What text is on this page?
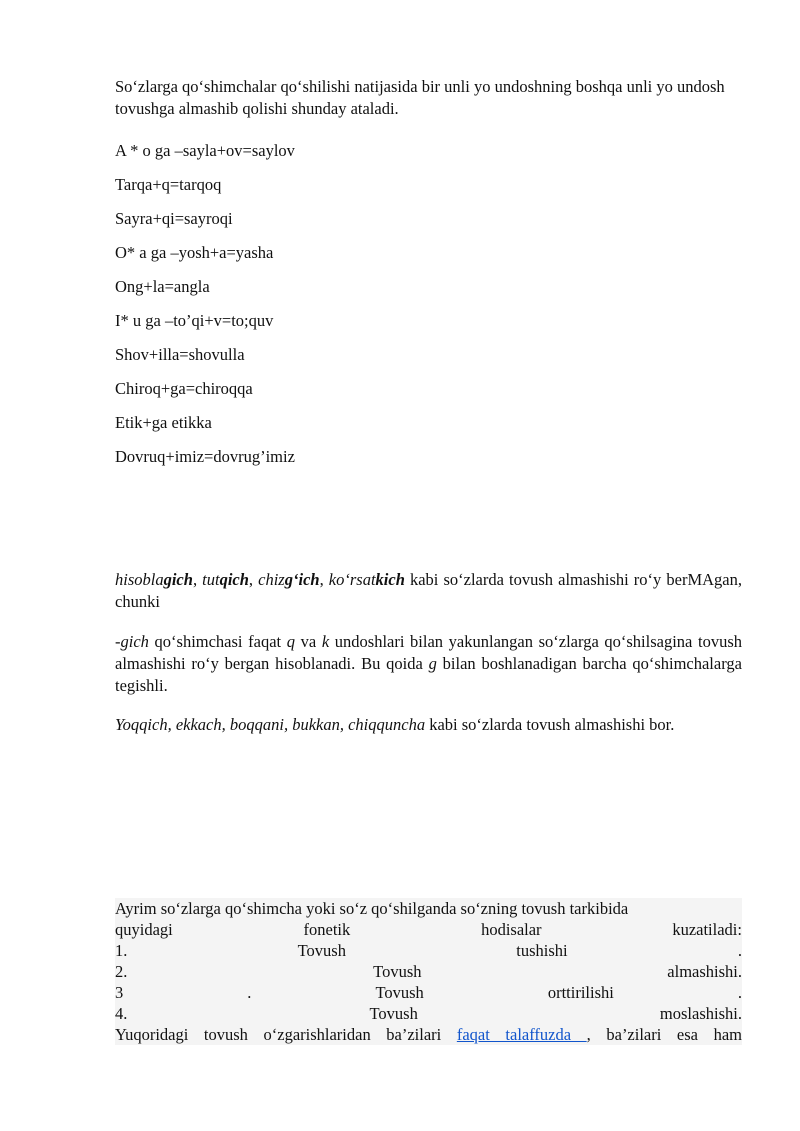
So‘zlarga qo‘shimchalar qo‘shilishi natijasida bir unli yo undoshning boshqa unli yo undosh tovushga almashib qolishi shunday ataladi.

A * o ga –sayla+ov=saylov
Tarqa+q=tarqoq
Sayra+qi=sayroqi
O* a ga –yosh+a=yasha
Ong+la=angla
I* u ga –to’qi+v=to;quv
Shov+illa=shovulla
Chiroq+ga=chiroqqa
Etik+ga etikka
Dovruq+imiz=dovrug’imiz

hisoblagich, tutqich, chizg‘ich, ko‘rsatkich kabi so‘zlarda tovush almashishi ro‘y berMAgan, chunki

-gich qo‘shimchasi faqat q va k undoshlari bilan yakunlangan so‘zlarga qo‘shilsagina tovush almashishi ro‘y bergan hisoblanadi. Bu qoida g bilan boshlanadigan barcha qo‘shimchalarga tegishli.

Yoqqich, ekkach, boqqani, bukkan, chiqquncha kabi so‘zlarda tovush almashishi bor.

Ayrim so‘zlarga qo‘shimcha yoki so‘z qo‘shilganda so‘zning tovush tarkibida
quyidagi	fonetik	hodisalar	kuzatiladi:
1.	Tovush	tushishi	.
2.	Tovush	almashishi.
3	.	Tovush	orttirilishi	.
4.	Tovush	moslashishi.
Yuqoridagi tovush o‘zgarishlaridan ba’zilari faqat talaffuzda , ba’zilari esa ham
